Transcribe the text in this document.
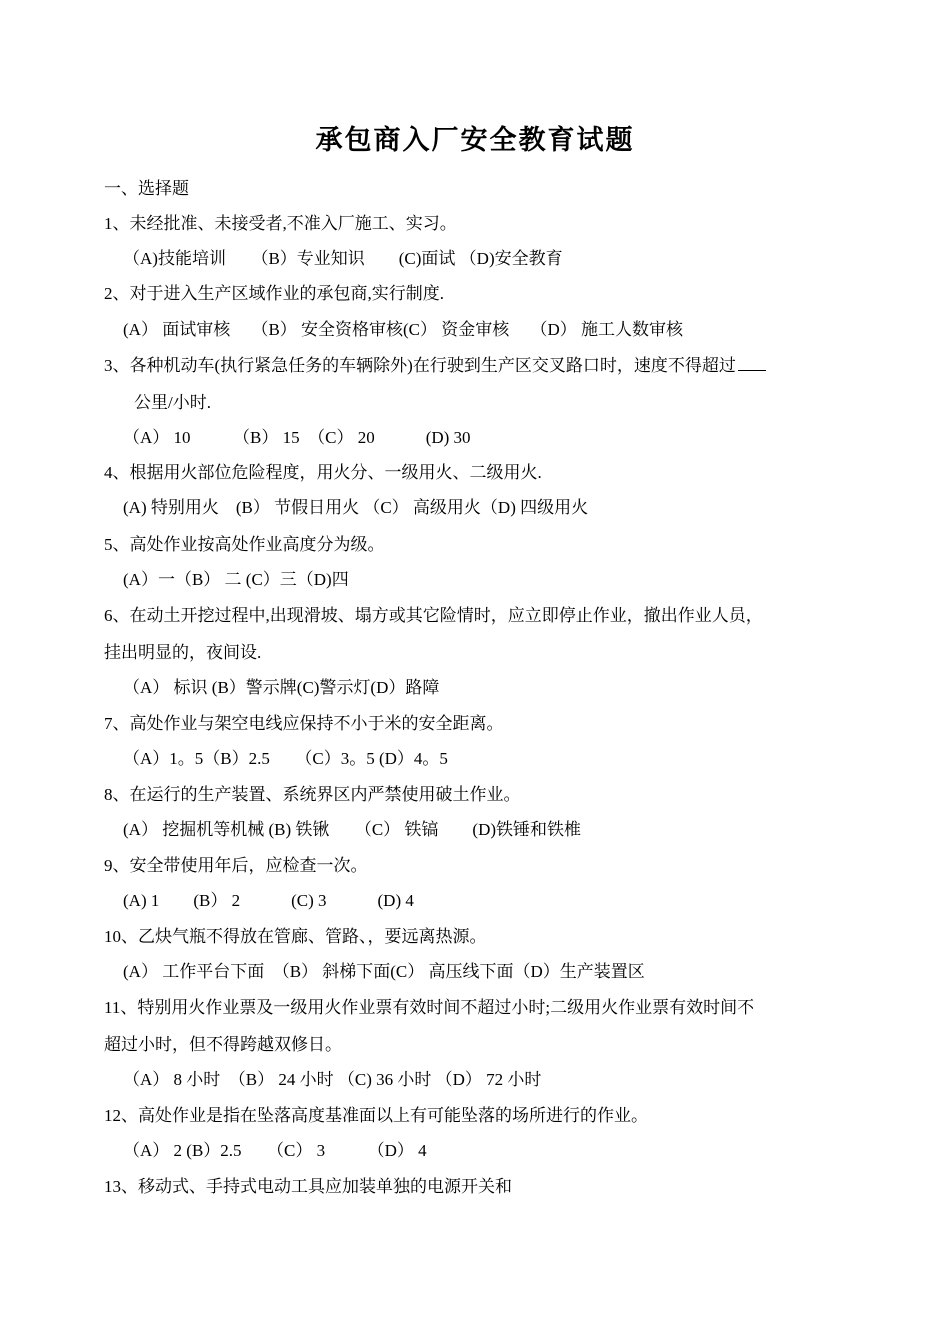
承包商入厂安全教育试题
一、选择题
1、未经批准、未接受者,不准入厂施工、实习。
（A)技能培训　　（B）专业知识　　(C)面试 （D)安全教育
2、对于进入生产区域作业的承包商,实行制度.
(A） 面试审核　 （B） 安全资格审核(C） 资金审核　 （D） 施工人数审核
3、各种机动车(执行紧急任务的车辆除外)在行驶到生产区交叉路口时，速度不得超过
公里/小时.
（A） 10　　　（B） 15　（C） 20　　　(D) 30
4、根据用火部位危险程度，用火分、一级用火、二级用火.
(A) 特别用火　(B） 节假日用火 （C） 高级用火（D) 四级用火
5、高处作业按高处作业高度分为级。
(A）一（B） 二 (C）三（D)四
6、在动土开挖过程中,出现滑坡、塌方或其它险情时，应立即停止作业，撤出作业人员，
挂出明显的，夜间设.
（A） 标识 (B）警示牌(C)警示灯(D）路障
7、高处作业与架空电线应保持不小于米的安全距离。
（A）1。5（B）2.5　　（C）3。5 (D）4。5
8、在运行的生产装置、系统界区内严禁使用破土作业。
(A） 挖掘机等机械 (B) 铁锹　　（C） 铁镐　　(D)铁锤和铁椎
9、安全带使用年后，应检查一次。
(A) 1　　(B） 2　　　(C) 3　　　(D) 4
10、乙炔气瓶不得放在管廊、管路、，要远离热源。
(A） 工作平台下面　（B） 斜梯下面(C） 高压线下面（D）生产装置区
11、特别用火作业票及一级用火作业票有效时间不超过小时;二级用火作业票有效时间不
超过小时，但不得跨越双修日。
（A） 8 小时　（B） 24 小时 （C) 36 小时 （D） 72 小时
12、高处作业是指在坠落高度基准面以上有可能坠落的场所进行的作业。
（A） 2 (B）2.5　　（C） 3　　　（D） 4
13、移动式、手持式电动工具应加装单独的电源开关和
